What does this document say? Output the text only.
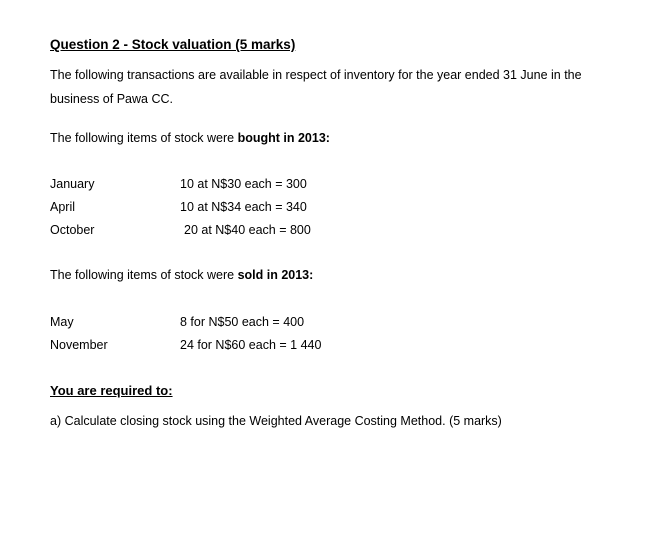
Question 2 - Stock valuation (5 marks)
The following transactions are available in respect of inventory for the year ended 31 June in the business of Pawa CC.
The following items of stock were bought in 2013:
January	10 at N$30 each = 300
April	10 at N$34 each = 340
October	20 at N$40 each = 800
The following items of stock were sold in 2013:
May	8 for N$50 each = 400
November	24 for N$60 each = 1 440
You are required to:
a) Calculate closing stock using the Weighted Average Costing Method. (5 marks)
